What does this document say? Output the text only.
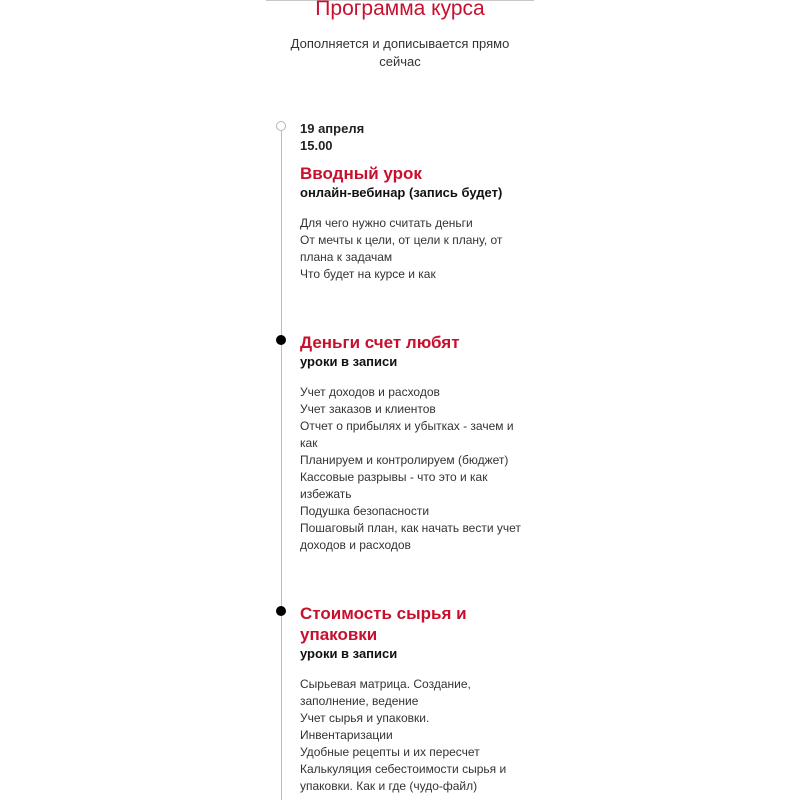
Программа курса
Дополняется и дописывается прямо сейчас
19 апреля
15.00
Вводный урок
онлайн-вебинар (запись будет)
Для чего нужно считать деньги
От мечты к цели, от цели к плану, от плана к задачам
Что будет на курсе и как
Деньги счет любят
уроки в записи
Учет доходов и расходов
Учет заказов и клиентов
Отчет о прибылях и убытках - зачем и как
Планируем и контролируем (бюджет)
Кассовые разрывы - что это и как избежать
Подушка безопасности
Пошаговый план, как начать вести учет доходов и расходов
Стоимость сырья и упаковки
уроки в записи
Сырьевая матрица. Создание, заполнение, ведение
Учет сырья и упаковки. Инвентаризации
Удобные рецепты и их пересчет
Калькуляция себестоимости сырья и упаковки. Как и где (чудо-файл)
